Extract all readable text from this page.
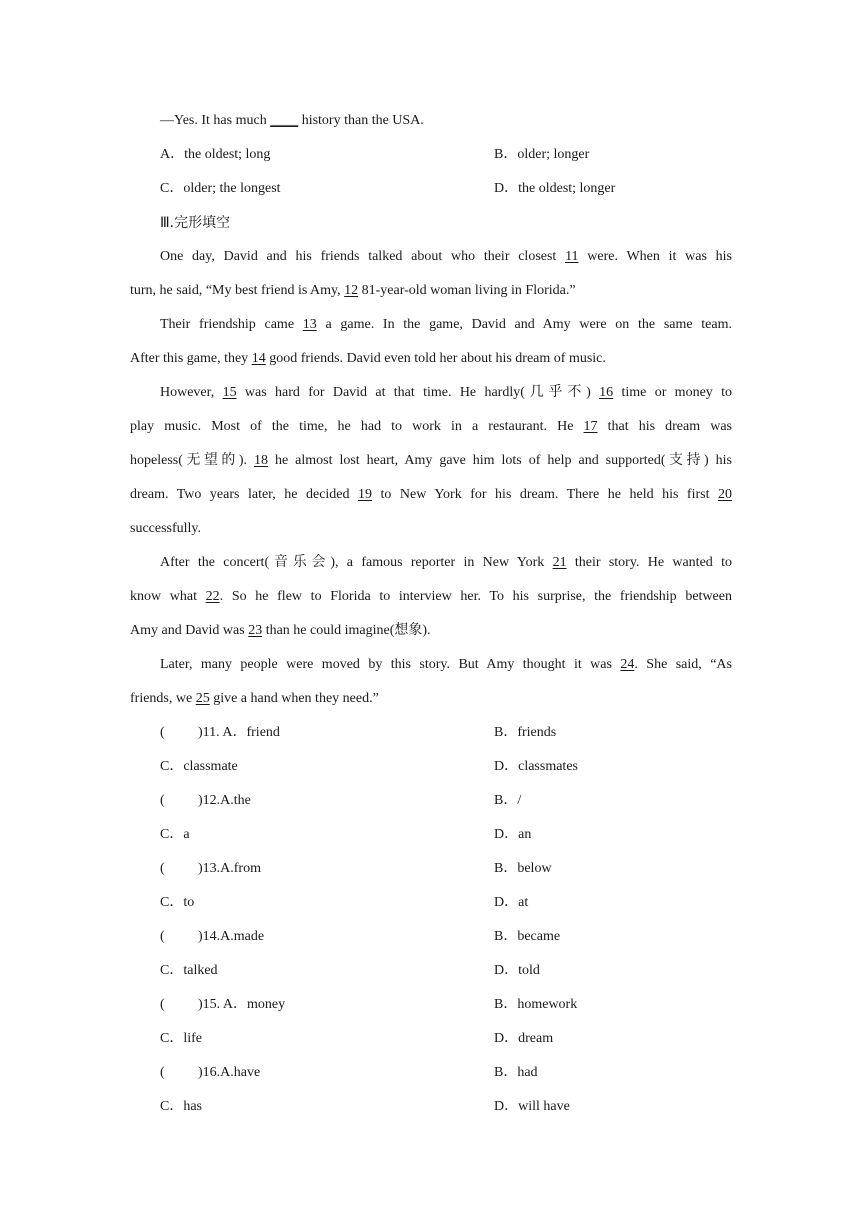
—Yes. It has much ____ history than the USA.
A．the oldest; long	B．older; longer
C．older; the longest	D．the oldest; longer
Ⅲ.完形填空
One day, David and his friends talked about who their closest 11 were. When it was his
turn, he said, “My best friend is Amy, 12 81-year-old woman living in Florida.”
Their friendship came 13 a game. In the game, David and Amy were on the same team.
After this game, they 14 good friends. David even told her about his dream of music.
However, 15 was hard for David at that time. He hardly(几乎不) 16 time or money to
play music. Most of the time, he had to work in a restaurant. He 17 that his dream was
hopeless(无望的). 18 he almost lost heart, Amy gave him lots of help and supported(支持) his
dream. Two years later, he decided 19 to New York for his dream. There he held his first 20
successfully.
After the concert(音乐会), a famous reporter in New York 21 their story. He wanted to
know what 22. So he flew to Florida to interview her. To his surprise, the friendship between
Amy and David was 23 than he could imagine(想象).
Later, many people were moved by this story. But Amy thought it was 24. She said, “As
friends, we 25 give a hand when they need.”
( )11. A．friend	B．friends
C．classmate	D．classmates
( )12.A.the	B．/
C．a	D．an
( )13.A.from	B．below
C．to	D．at
( )14.A.made	B．became
C．talked	D．told
( )15. A．money	B．homework
C．life	D．dream
( )16.A.have	B．had
C．has	D．will have
